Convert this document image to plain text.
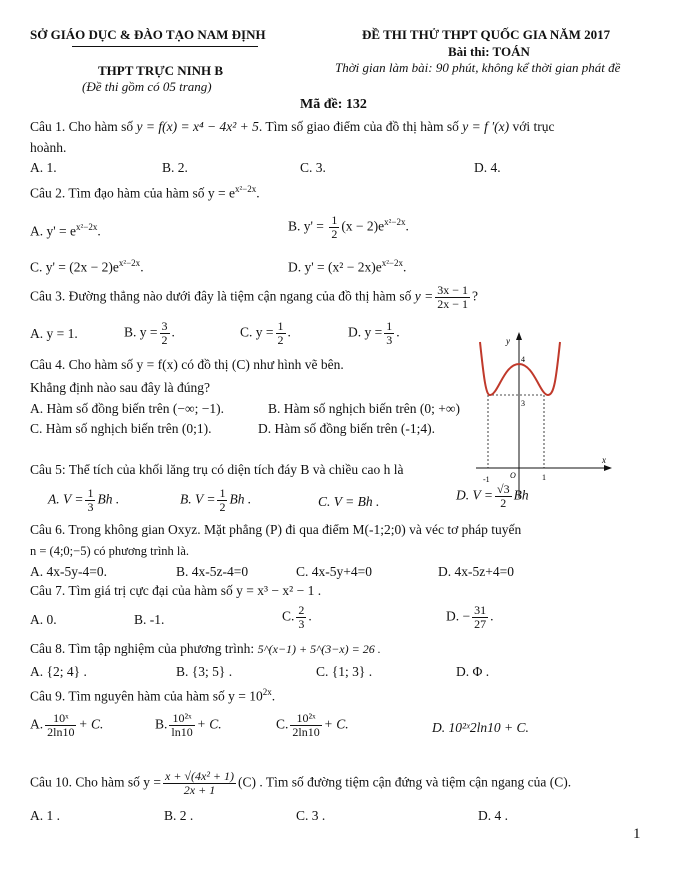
SỞ GIÁO DỤC & ĐÀO TẠO NAM ĐỊNH
THPT TRỰC NINH B
(Đề thi gồm có 05 trang)
ĐỀ THI THỬ THPT QUỐC GIA NĂM 2017
Bài thi: TOÁN
Thời gian làm bài: 90 phút, không kể thời gian phát đề
Mã đề: 132
Câu 1. Cho hàm số y = f(x) = x⁴ − 4x² + 5. Tìm số giao điểm của đồ thị hàm số y = f ′(x) với trục
hoành.
A. 1.	B. 2.	C. 3.	D. 4.
Câu 2. Tìm đạo hàm của hàm số $y = e^{x^2-2x}$.
A. $y' = e^{x^2-2x}$.	B. $y' = \frac{1}{2} (x - 2)e^{x^2-2x}$.
C. $y' = (2x - 2)e^{x^2-2x}$.	D. $y' = (x^2 - 2x)e^{x^2-2x}$.
Câu 3. Đường thẳng nào dưới đây là tiệm cận ngang của đồ thị hàm số $y = \frac{3x - 1}{2x - 1}$ ?
A. y = 1.	B. $y = \frac{3}{2}$ .	C. $y = \frac{1}{2}$ .	D. $y = \frac{1}{3}$ .
Câu 4. Cho hàm số y = f(x) có đồ thị (C) như hình vẽ bên.
Khẳng định nào sau đây là đúng?
A. Hàm số đồng biến trên (−∞; −1).	B. Hàm số nghịch biến trên (0; +∞)
C. Hàm số nghịch biến trên (0;1).	D. Hàm số đồng biến trên (-1;4).
y
x
4
3
-1	O	1
Câu 5: Thể tích của khối lăng trụ có diện tích đáy B và chiều cao h là
A. $V = \frac{1}{3}$ Bh .	B. $V = \frac{1}{2}$ Bh .	C. V = Bh .	D. $V = \frac{√3}{2}$ Bh
Câu 6. Trong không gian Oxyz. Mặt phẳng (P) đi qua điểm M(-1;2;0) và véc tơ pháp tuyến
n = (4;0;−5) có phương trình là.
A. 4x-5y-4=0.	B. 4x-5z-4=0	C. 4x-5y+4=0	D. 4x-5z+4=0
Câu 7. Tìm giá trị cực đại của hàm số y = x³ − x² − 1 .
A. 0.	B. -1.	C. $\frac{2}{3}$ .	D. − $\frac{31}{27}$ .
Câu 8. Tìm tập nghiệm của phương trình: 5^(x−1) + 5^(3−x) = 26 .
A. {2; 4} .	B. {3; 5} .	C. {1; 3} .	D. Φ .
Câu 9. Tìm nguyên hàm của hàm số $y = 10^{2x}$.
A. $\frac{\text{10ˣ}}{2\ln 10} + C$.	B. $\frac{\text{10²ˣ}}{\ln 10} + C$.	C. $\frac{\text{10²ˣ}}{2\ln 10} + C$.	D. 10²ˣ2ln10 + C.
Câu 10. Cho hàm số $y = \frac{\text{x + √(4x² + 1)}}{2x + 1} (C)$ . Tìm số đường tiệm cận đứng và tiệm cận ngang của (C).
A. 1 .	B. 2 .	C. 3 .	D. 4 .
1
